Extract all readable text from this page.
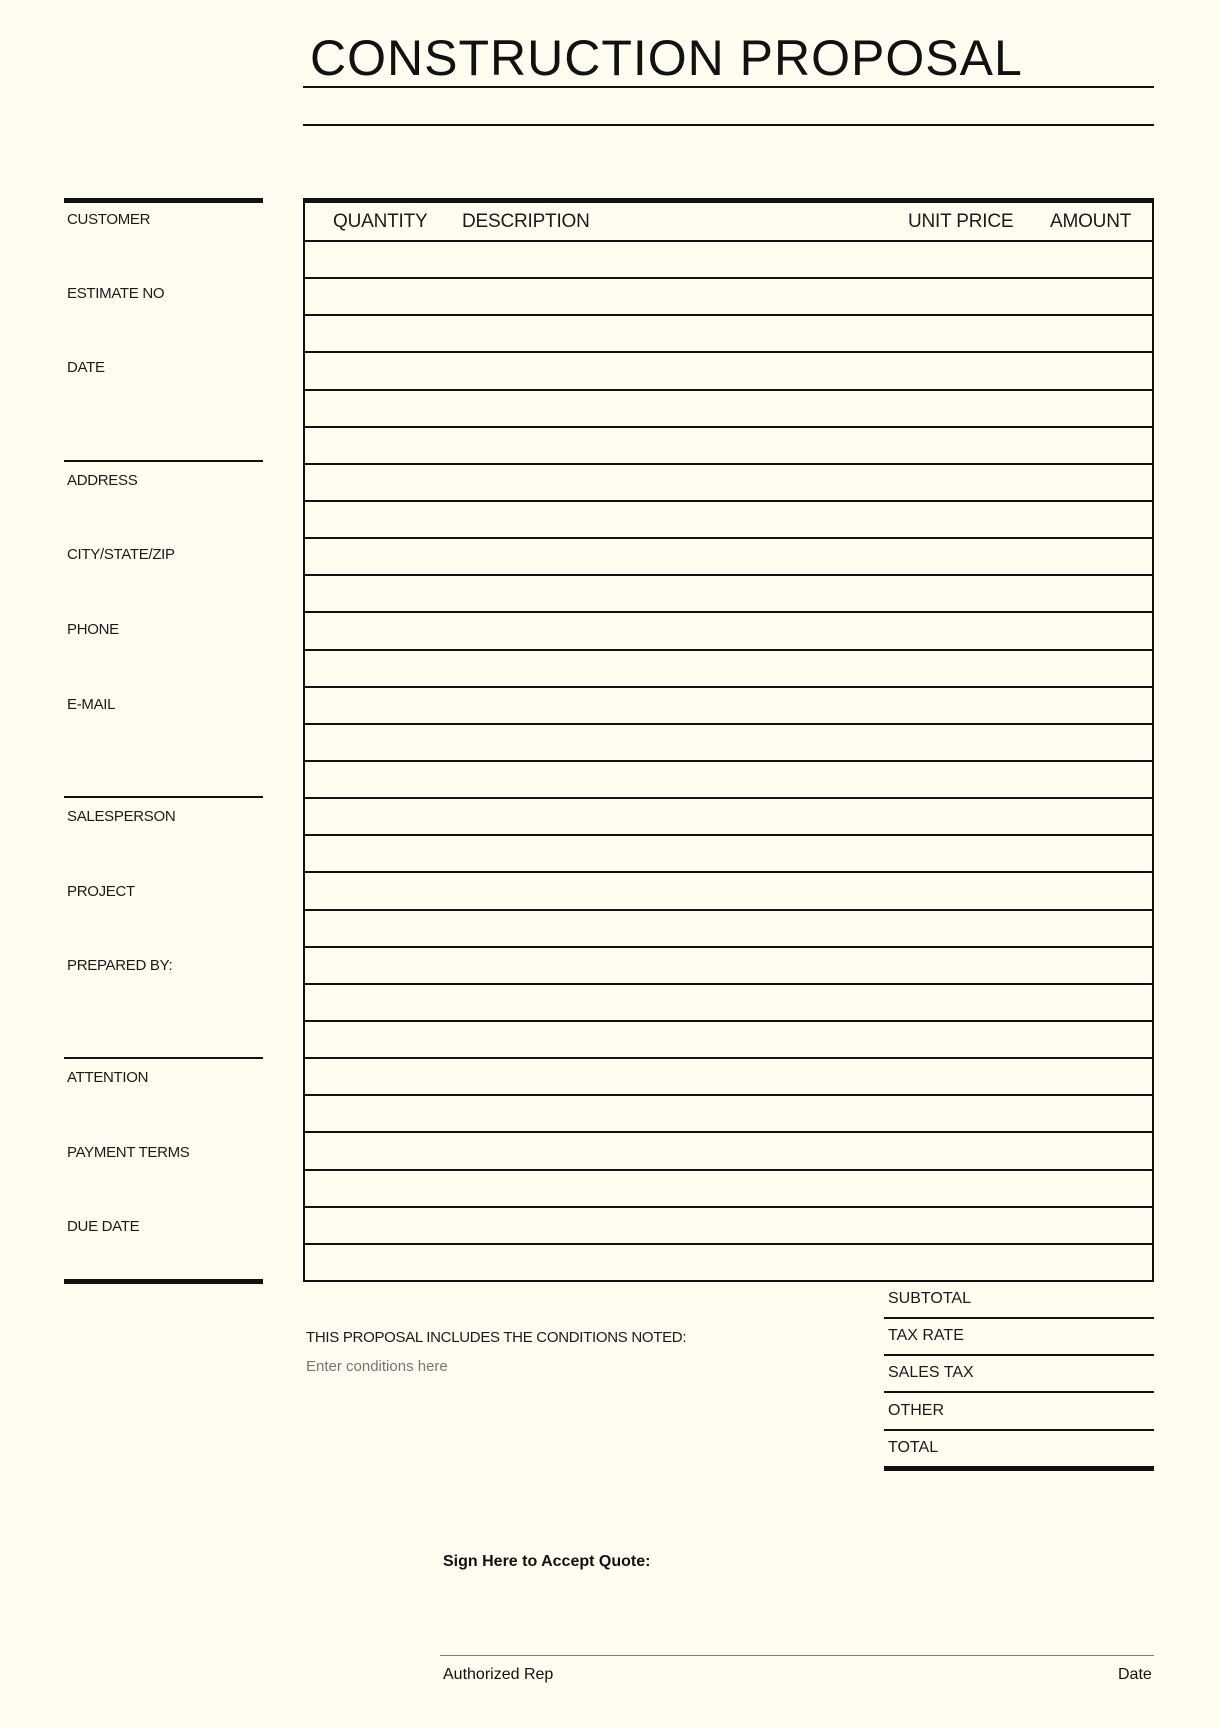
CONSTRUCTION PROPOSAL
CUSTOMER
ESTIMATE NO
DATE
ADDRESS
CITY/STATE/ZIP
PHONE
E-MAIL
SALESPERSON
PROJECT
PREPARED BY:
ATTENTION
PAYMENT TERMS
DUE DATE
QUANTITY DESCRIPTION	UNIT PRICE AMOUNT
SUBTOTAL
TAX RATE
SALES TAX
OTHER
TOTAL
THIS PROPOSAL INCLUDES THE CONDITIONS NOTED:
Enter conditions here
Sign Here to Accept Quote:
Authorized Rep	Date
